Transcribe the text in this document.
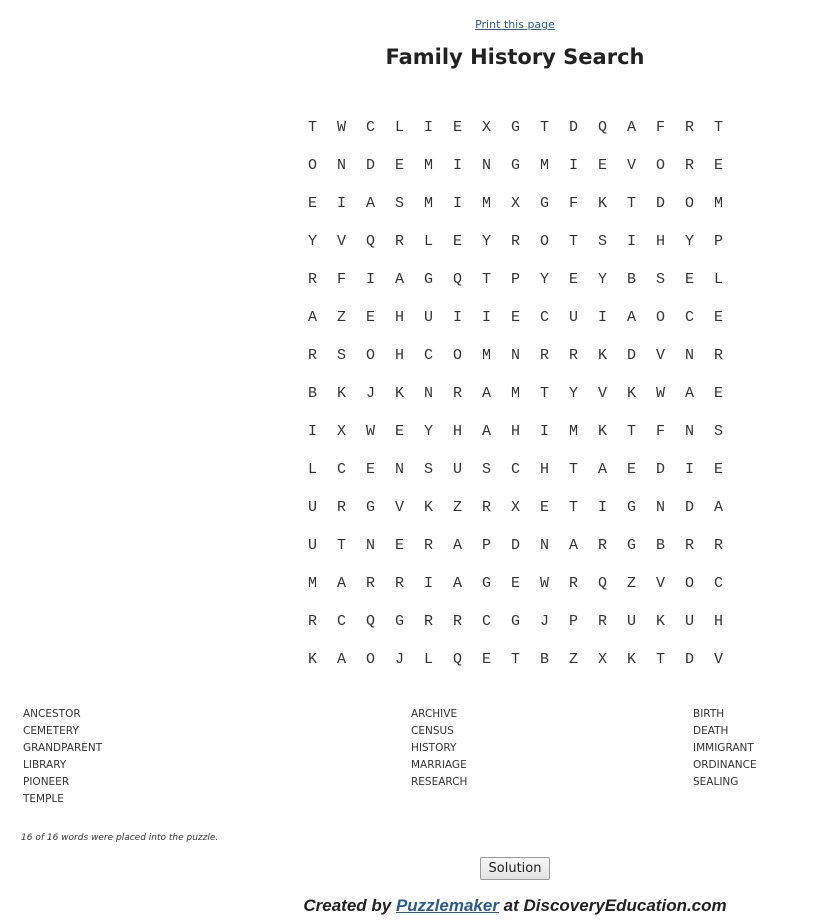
Print this page
Family History Search
T	W	C	L	I	E	X	G	T	D	Q	A	F	R	T
O	N	D	E	M	I	N	G	M	I	E	V	O	R	E
E	I	A	S	M	I	M	X	G	F	K	T	D	O	M
Y	V	Q	R	L	E	Y	R	O	T	S	I	H	Y	P
R	F	I	A	G	Q	T	P	Y	E	Y	B	S	E	L
A	Z	E	H	U	I	I	E	C	U	I	A	O	C	E
R	S	O	H	C	O	M	N	R	R	K	D	V	N	R
B	K	J	K	N	R	A	M	T	Y	V	K	W	A	E
I	X	W	E	Y	H	A	H	I	M	K	T	F	N	S
L	C	E	N	S	U	S	C	H	T	A	E	D	I	E
U	R	G	V	K	Z	R	X	E	T	I	G	N	D	A
U	T	N	E	R	A	P	D	N	A	R	G	B	R	R
M	A	R	R	I	A	G	E	W	R	Q	Z	V	O	C
R	C	Q	G	R	R	C	G	J	P	R	U	K	U	H
K	A	O	J	L	Q	E	T	B	Z	X	K	T	D	V
ANCESTOR
CEMETERY
GRANDPARENT
LIBRARY
PIONEER
TEMPLE
ARCHIVE
CENSUS
HISTORY
MARRIAGE
RESEARCH
BIRTH
DEATH
IMMIGRANT
ORDINANCE
SEALING
16 of 16 words were placed into the puzzle.
Solution
Created by Puzzlemaker at DiscoveryEducation.com
